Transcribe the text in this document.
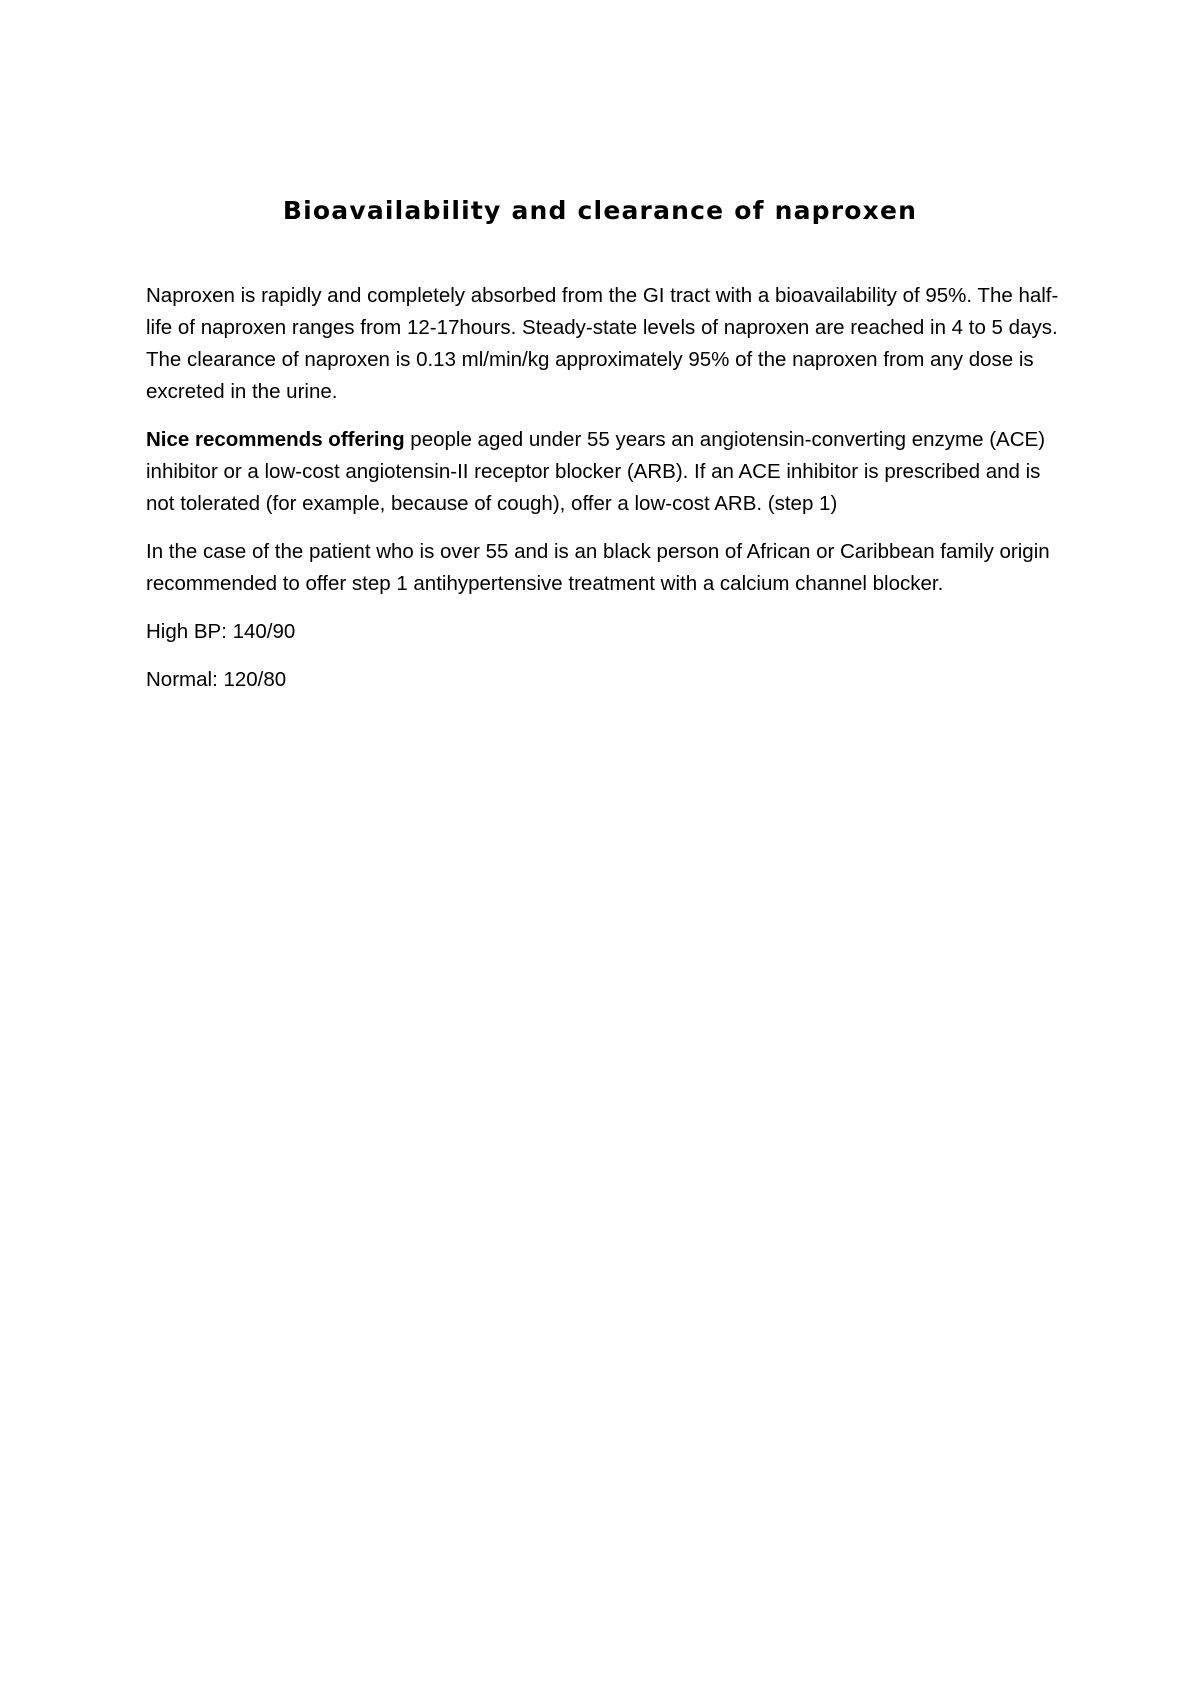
Bioavailability and clearance of naproxen

Naproxen is rapidly and completely absorbed from the GI tract with a bioavailability of 95%. The half-life of naproxen ranges from 12-17hours. Steady-state levels of naproxen are reached in 4 to 5 days. The clearance of naproxen is 0.13 ml/min/kg approximately 95% of the naproxen from any dose is excreted in the urine.

Nice recommends offering people aged under 55 years an angiotensin-converting enzyme (ACE) inhibitor or a low-cost angiotensin-II receptor blocker (ARB). If an ACE inhibitor is prescribed and is not tolerated (for example, because of cough), offer a low-cost ARB. (step 1)

In the case of the patient who is over 55 and is an black person of African or Caribbean family origin recommended to offer step 1 antihypertensive treatment with a calcium channel blocker.

High BP: 140/90

Normal: 120/80
